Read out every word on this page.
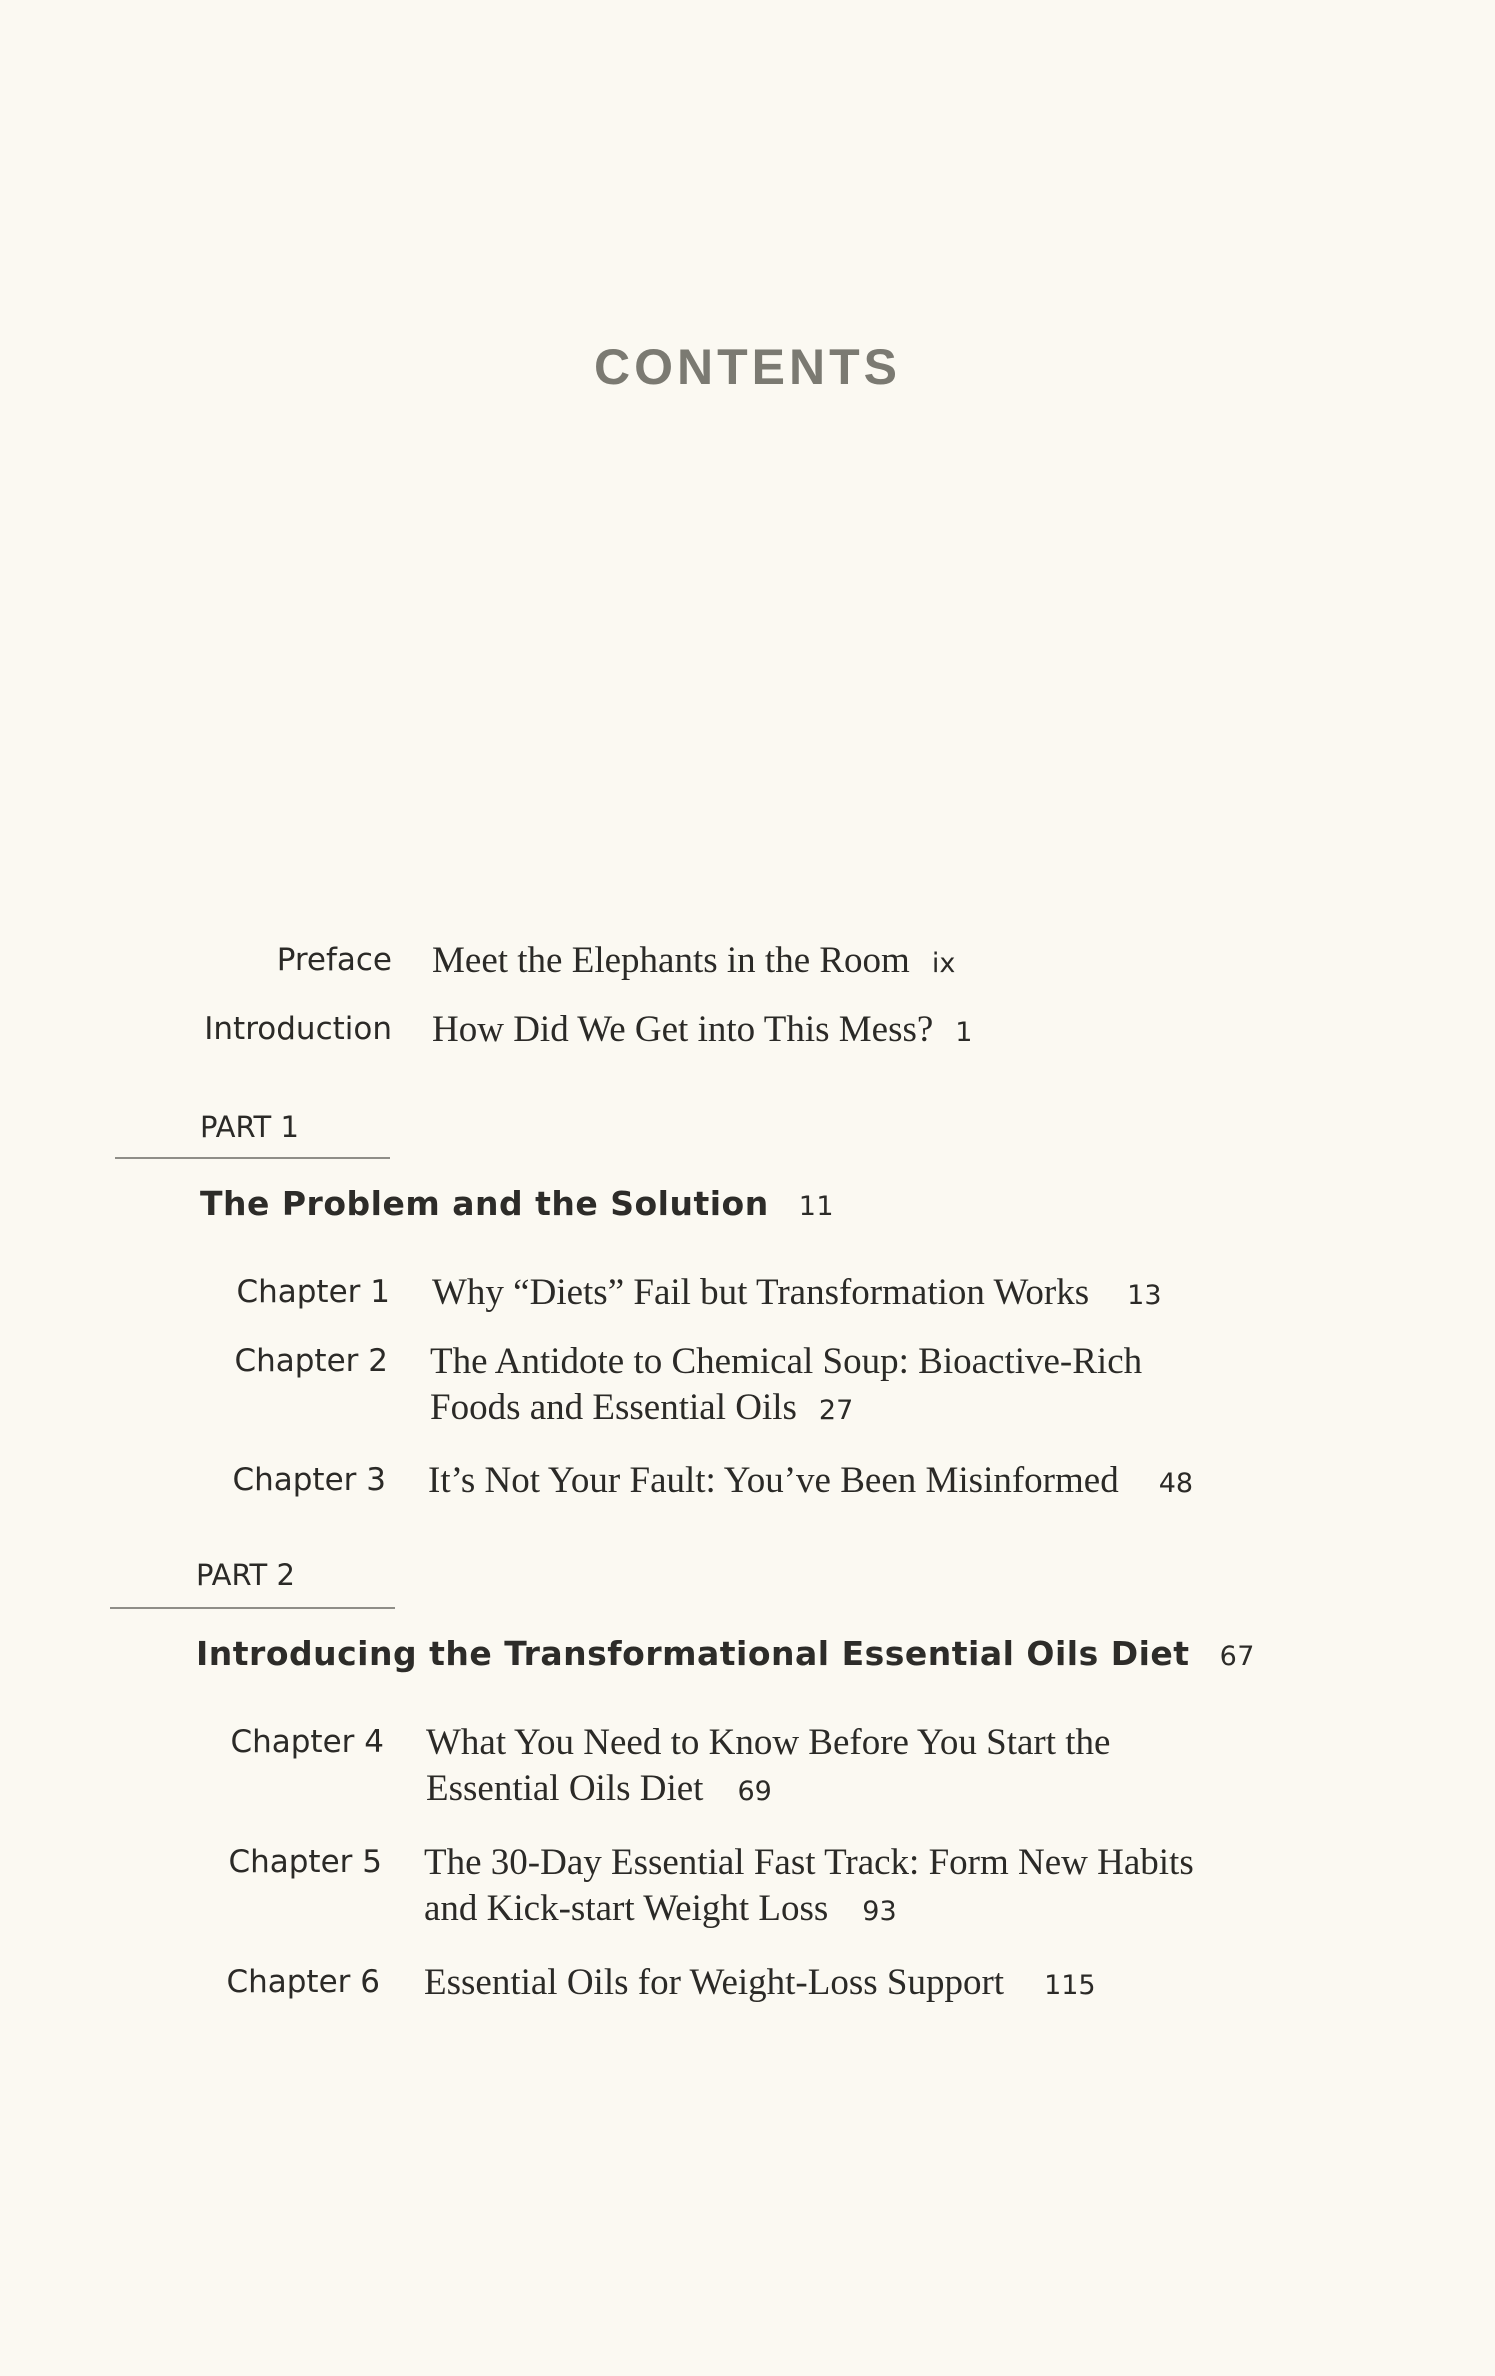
CONTENTS
Preface Meet the Elephants in the Room ix
Introduction How Did We Get into This Mess? 1
PART 1
The Problem and the Solution 11
Chapter 1 Why “Diets” Fail but Transformation Works 13
Chapter 2 The Antidote to Chemical Soup: Bioactive-Rich
Foods and Essential Oils 27
Chapter 3 It’s Not Your Fault: You’ve Been Misinformed 48
PART 2
Introducing the Transformational Essential Oils Diet 67
Chapter 4 What You Need to Know Before You Start the
Essential Oils Diet 69
Chapter 5 The 30-Day Essential Fast Track: Form New Habits
and Kick-start Weight Loss 93
Chapter 6 Essential Oils for Weight-Loss Support 115
